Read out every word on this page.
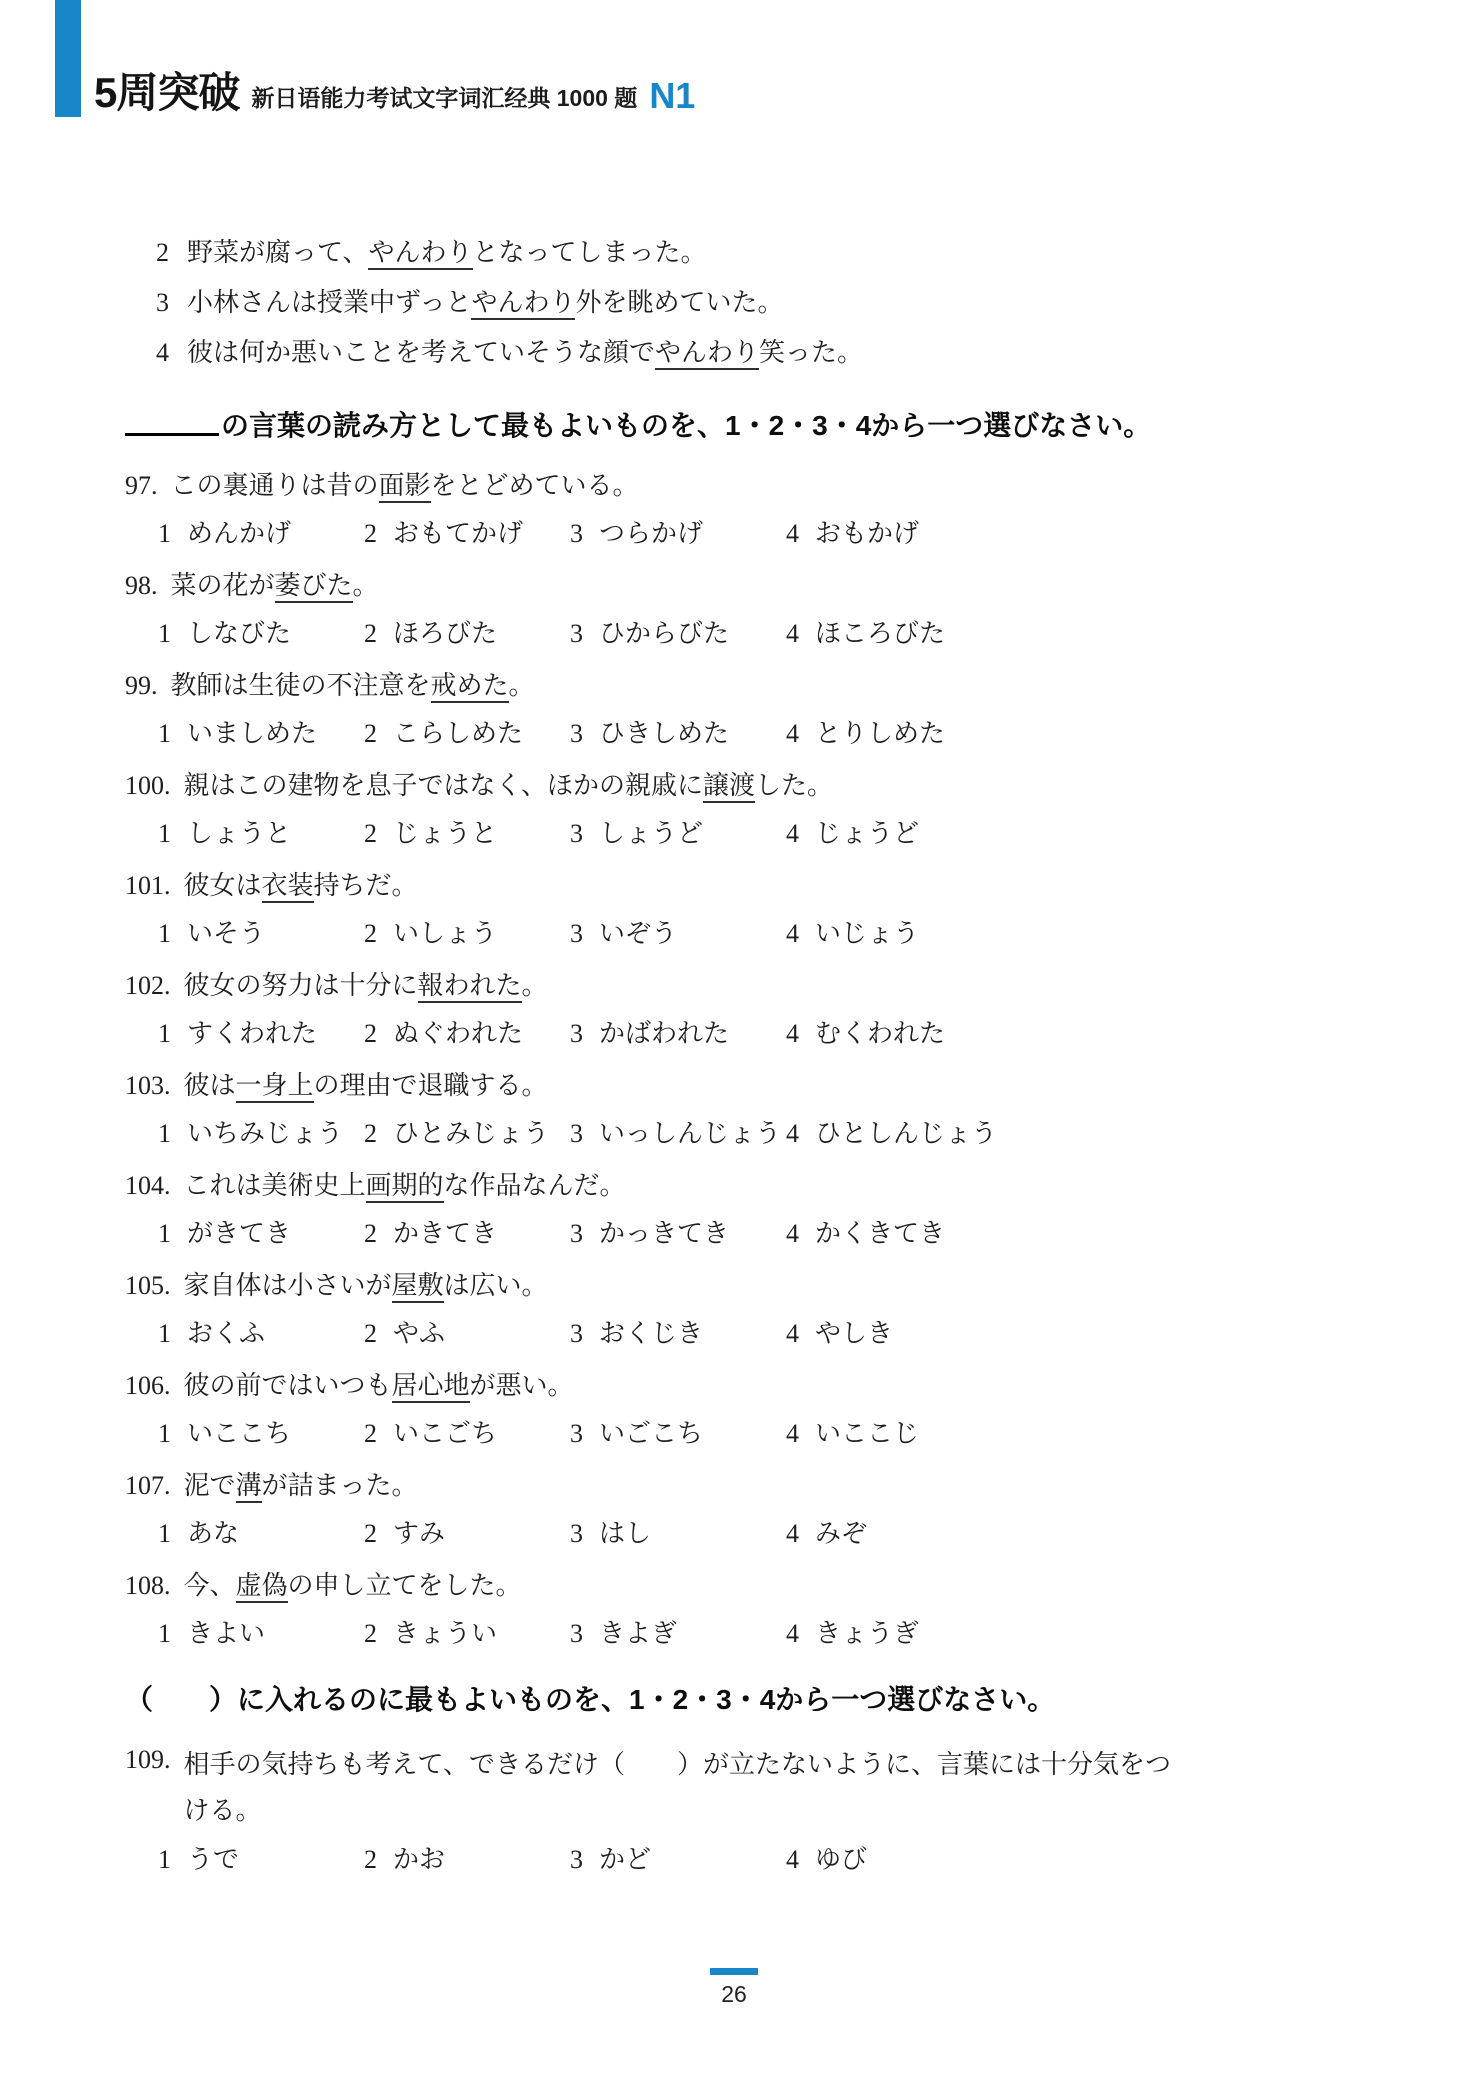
5周突破 新日语能力考试文字词汇经典 1000 题 N1
2 野菜が腐って、やんわりとなってしまった。
3 小林さんは授業中ずっとやんわり外を眺めていた。
4 彼は何か悪いことを考えていそうな顔でやんわり笑った。
の言葉の読み方として最もよいものを、1・2・3・4から一つ選びなさい。
97. この裏通りは昔の面影をとどめている。
1 めんかげ	2 おもてかげ	3 つらかげ	4 おもかげ
98. 菜の花が萎びた。
1 しなびた	2 ほろびた	3 ひからびた	4 ほころびた
99. 教師は生徒の不注意を戒めた。
1 いましめた	2 こらしめた	3 ひきしめた	4 とりしめた
100. 親はこの建物を息子ではなく、ほかの親戚に譲渡した。
1 しょうと	2 じょうと	3 しょうど	4 じょうど
101. 彼女は衣装持ちだ。
1 いそう	2 いしょう	3 いぞう	4 いじょう
102. 彼女の努力は十分に報われた。
1 すくわれた	2 ぬぐわれた	3 かばわれた	4 むくわれた
103. 彼は一身上の理由で退職する。
1 いちみじょう 2 ひとみじょう 3 いっしんじょう 4 ひとしんじょう
104. これは美術史上画期的な作品なんだ。
1 がきてき	2 かきてき	3 かっきてき	4 かくきてき
105. 家自体は小さいが屋敷は広い。
1 おくふ	2 やふ	3 おくじき	4 やしき
106. 彼の前ではいつも居心地が悪い。
1 いここち	2 いこごち	3 いごこち	4 いここじ
107. 泥で溝が詰まった。
1 あな	2 すみ	3 はし	4 みぞ
108. 今、虚偽の申し立てをした。
1 きよい	2 きょうい	3 きよぎ	4 きょうぎ
（　　）に入れるのに最もよいものを、1・2・3・4から一つ選びなさい。
109. 相手の気持ちも考えて、できるだけ（　　）が立たないように、言葉には十分気をつ
ける。
1 うで	2 かお	3 かど	4 ゆび
26
